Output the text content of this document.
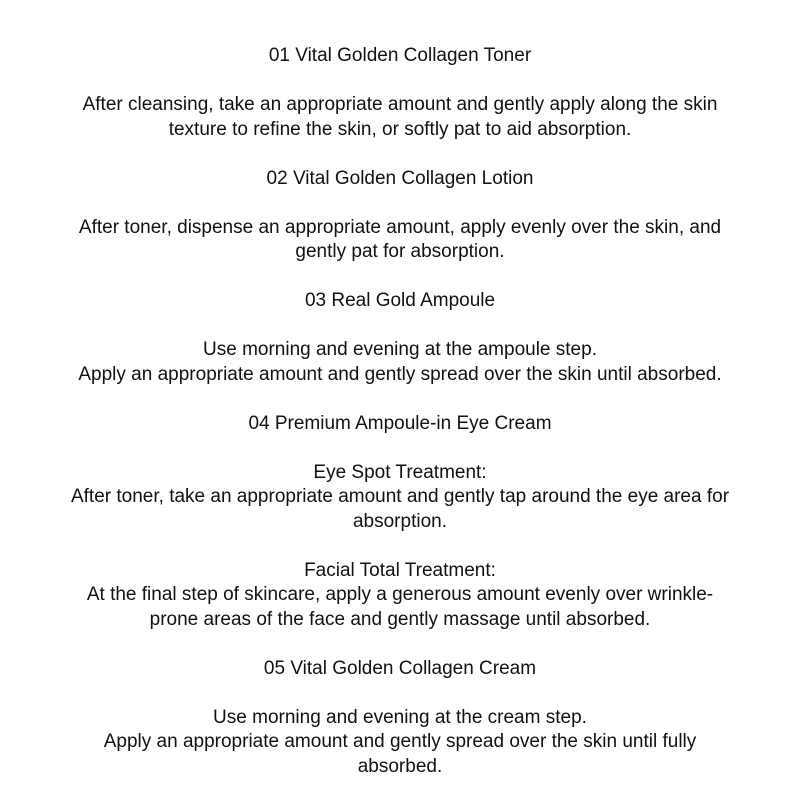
01 Vital Golden Collagen Toner
After cleansing, take an appropriate amount and gently apply along the skin
texture to refine the skin, or softly pat to aid absorption.
02 Vital Golden Collagen Lotion
After toner, dispense an appropriate amount, apply evenly over the skin, and
gently pat for absorption.
03 Real Gold Ampoule
Use morning and evening at the ampoule step.
Apply an appropriate amount and gently spread over the skin until absorbed.
04 Premium Ampoule-in Eye Cream
Eye Spot Treatment:
After toner, take an appropriate amount and gently tap around the eye area for
absorption.
Facial Total Treatment:
At the final step of skincare, apply a generous amount evenly over wrinkle-
prone areas of the face and gently massage until absorbed.
05 Vital Golden Collagen Cream
Use morning and evening at the cream step.
Apply an appropriate amount and gently spread over the skin until fully
absorbed.
